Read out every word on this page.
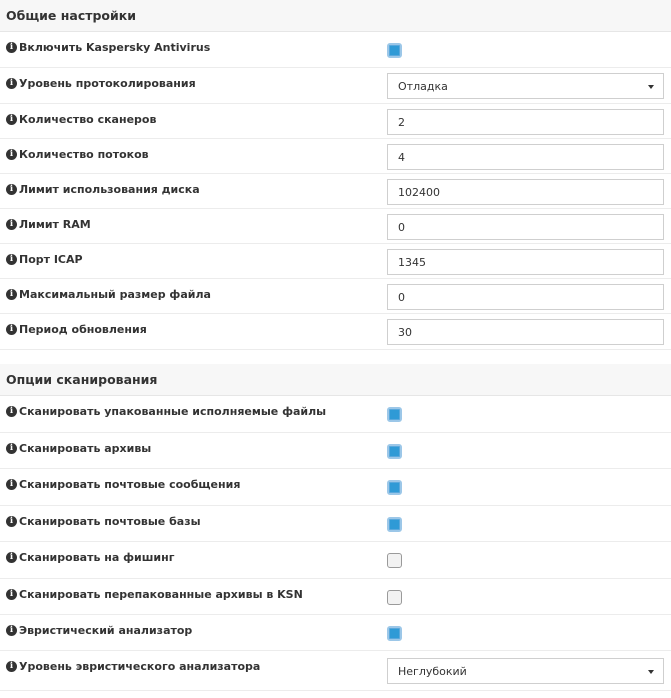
Общие настройки
i Включить Kaspersky Antivirus
i Уровень протоколирования	Отладка
i Количество сканеров	2
i Количество потоков	4
i Лимит использования диска	102400
i Лимит RAM	0
i Порт ICAP	1345
i Максимальный размер файла	0
i Период обновления	30
Опции сканирования
i Сканировать упакованные исполняемые файлы
i Сканировать архивы
i Сканировать почтовые сообщения
i Сканировать почтовые базы
i Сканировать на фишинг
i Сканировать перепакованные архивы в KSN
i Эвристический анализатор
i Уровень эвристического анализатора	Неглубокий
